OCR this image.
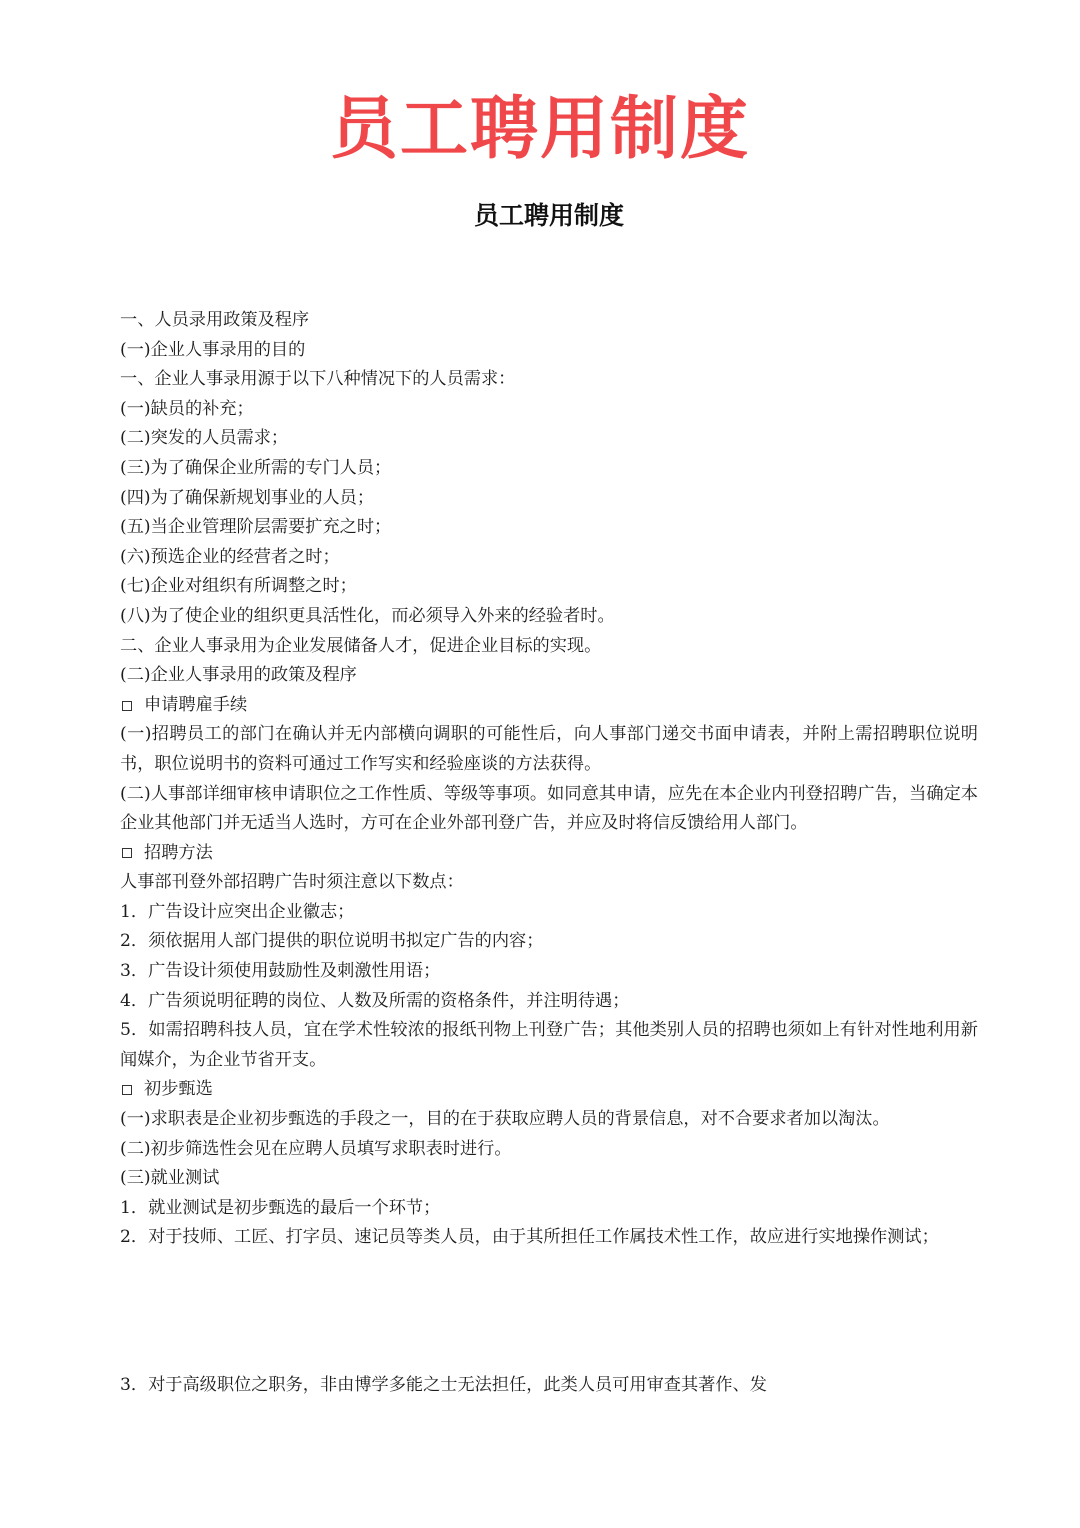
员工聘用制度
员工聘用制度

一、人员录用政策及程序

(一)企业人事录用的目的

一、企业人事录用源于以下八种情况下的人员需求：

(一)缺员的补充；

(二)突发的人员需求；

(三)为了确保企业所需的专门人员；

(四)为了确保新规划事业的人员；

(五)当企业管理阶层需要扩充之时；

(六)预选企业的经营者之时；

(七)企业对组织有所调整之时；

(八)为了使企业的组织更具活性化，而必须导入外来的经验者时。

二、企业人事录用为企业发展储备人才，促进企业目标的实现。

(二)企业人事录用的政策及程序

申请聘雇手续

(一)招聘员工的部门在确认并无内部横向调职的可能性后，向人事部门递交书面申请表，并附上需招聘职位说明书，职位说明书的资料可通过工作写实和经验座谈的方法获得。

(二)人事部详细审核申请职位之工作性质、等级等事项。如同意其申请，应先在本企业内刊登招聘广告，当确定本企业其他部门并无适当人选时，方可在企业外部刊登广告，并应及时将信反馈给用人部门。

招聘方法

人事部刊登外部招聘广告时须注意以下数点：

1．广告设计应突出企业徽志；

2．须依据用人部门提供的职位说明书拟定广告的内容；

3．广告设计须使用鼓励性及刺激性用语；

4．广告须说明征聘的岗位、人数及所需的资格条件，并注明待遇；

5．如需招聘科技人员，宜在学术性较浓的报纸刊物上刊登广告；其他类别人员的招聘也须如上有针对性地利用新闻媒介，为企业节省开支。

初步甄选

(一)求职表是企业初步甄选的手段之一，目的在于获取应聘人员的背景信息，对不合要求者加以淘汰。

(二)初步筛选性会见在应聘人员填写求职表时进行。

(三)就业测试

1．就业测试是初步甄选的最后一个环节；

2．对于技师、工匠、打字员、速记员等类人员，由于其所担任工作属技术性工作，故应进行实地操作测试；

3．对于高级职位之职务，非由博学多能之士无法担任，此类人员可用审查其著作、发
